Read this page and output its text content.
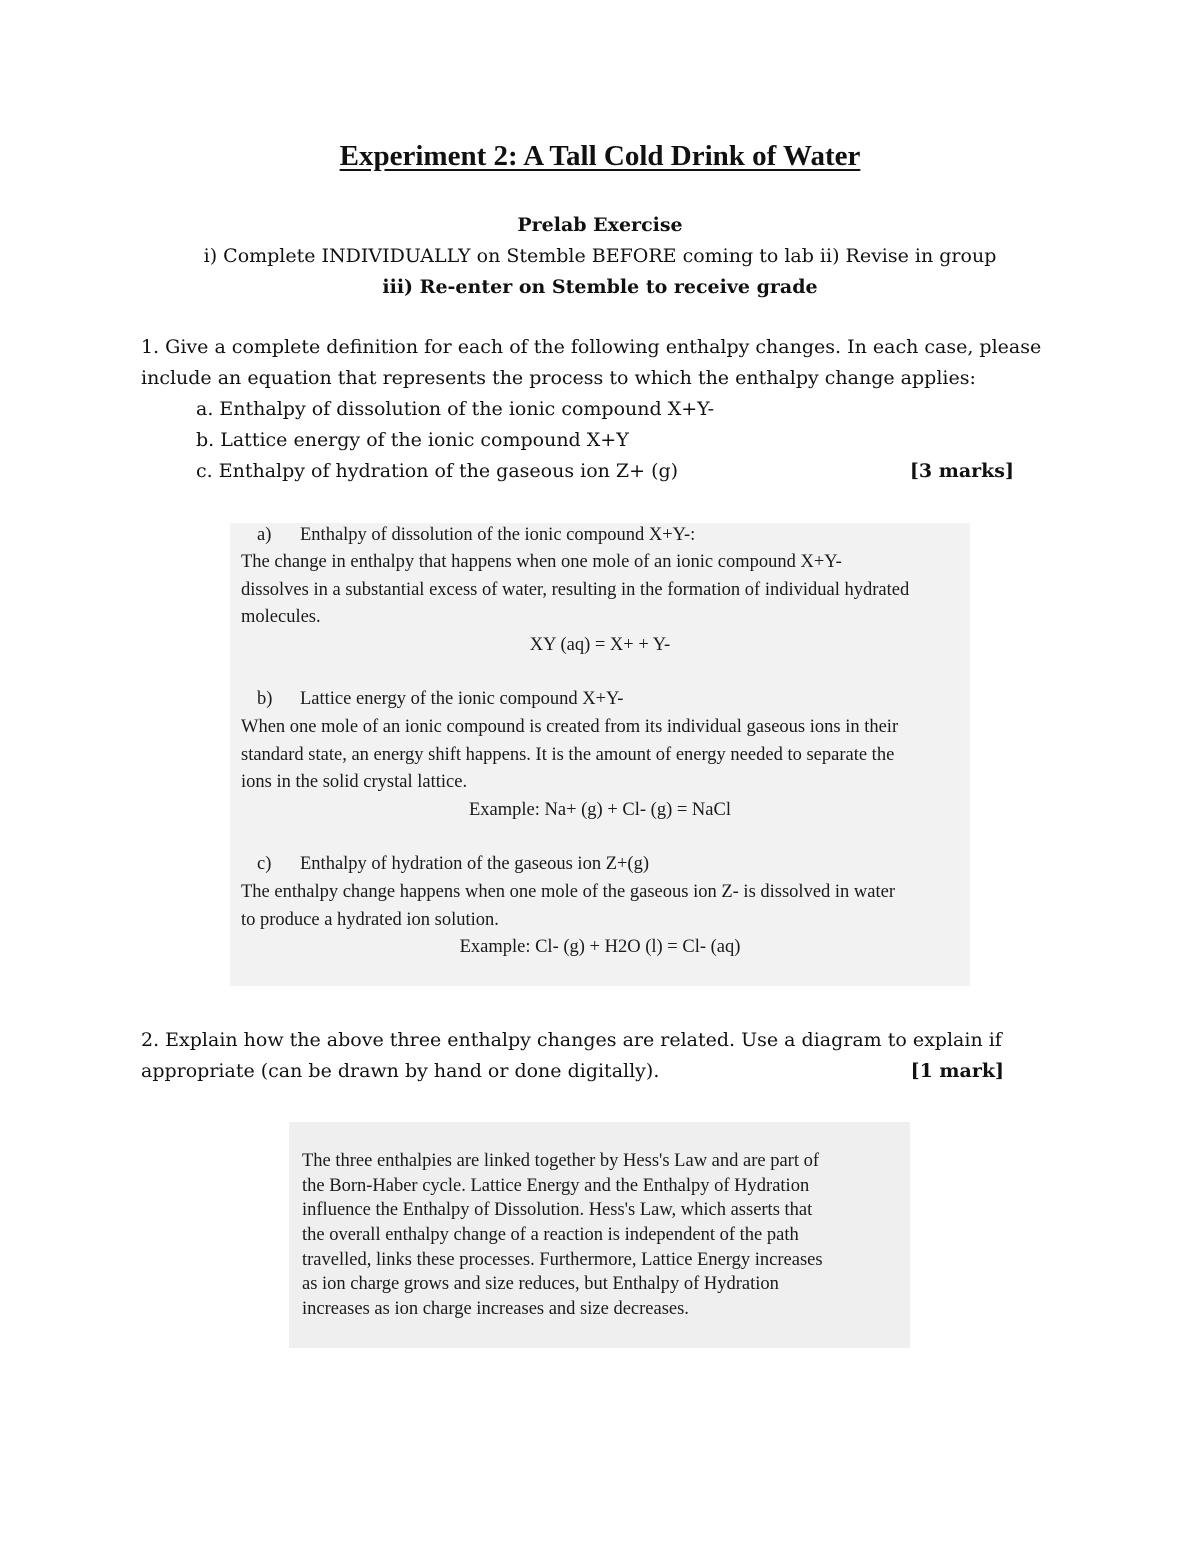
Experiment 2: A Tall Cold Drink of Water
Prelab Exercise
i) Complete INDIVIDUALLY on Stemble BEFORE coming to lab ii) Revise in group
iii) Re-enter on Stemble to receive grade
1. Give a complete definition for each of the following enthalpy changes. In each case, please
include an equation that represents the process to which the enthalpy change applies:
a. Enthalpy of dissolution of the ionic compound X+Y-
b. Lattice energy of the ionic compound X+Y
c. Enthalpy of hydration of the gaseous ion Z+ (g)	[3 marks]
a) Enthalpy of dissolution of the ionic compound X+Y-:
The change in enthalpy that happens when one mole of an ionic compound X+Y-
dissolves in a substantial excess of water, resulting in the formation of individual hydrated
molecules.
XY (aq) = X+ + Y-
b) Lattice energy of the ionic compound X+Y-
When one mole of an ionic compound is created from its individual gaseous ions in their
standard state, an energy shift happens. It is the amount of energy needed to separate the
ions in the solid crystal lattice.
Example: Na+ (g) + Cl- (g) = NaCl
c) Enthalpy of hydration of the gaseous ion Z+(g)
The enthalpy change happens when one mole of the gaseous ion Z- is dissolved in water
to produce a hydrated ion solution.
Example: Cl- (g) + H2O (l) = Cl- (aq)
2. Explain how the above three enthalpy changes are related. Use a diagram to explain if
appropriate (can be drawn by hand or done digitally).	[1 mark]
The three enthalpies are linked together by Hess's Law and are part of
the Born-Haber cycle. Lattice Energy and the Enthalpy of Hydration
influence the Enthalpy of Dissolution. Hess's Law, which asserts that
the overall enthalpy change of a reaction is independent of the path
travelled, links these processes. Furthermore, Lattice Energy increases
as ion charge grows and size reduces, but Enthalpy of Hydration
increases as ion charge increases and size decreases.
